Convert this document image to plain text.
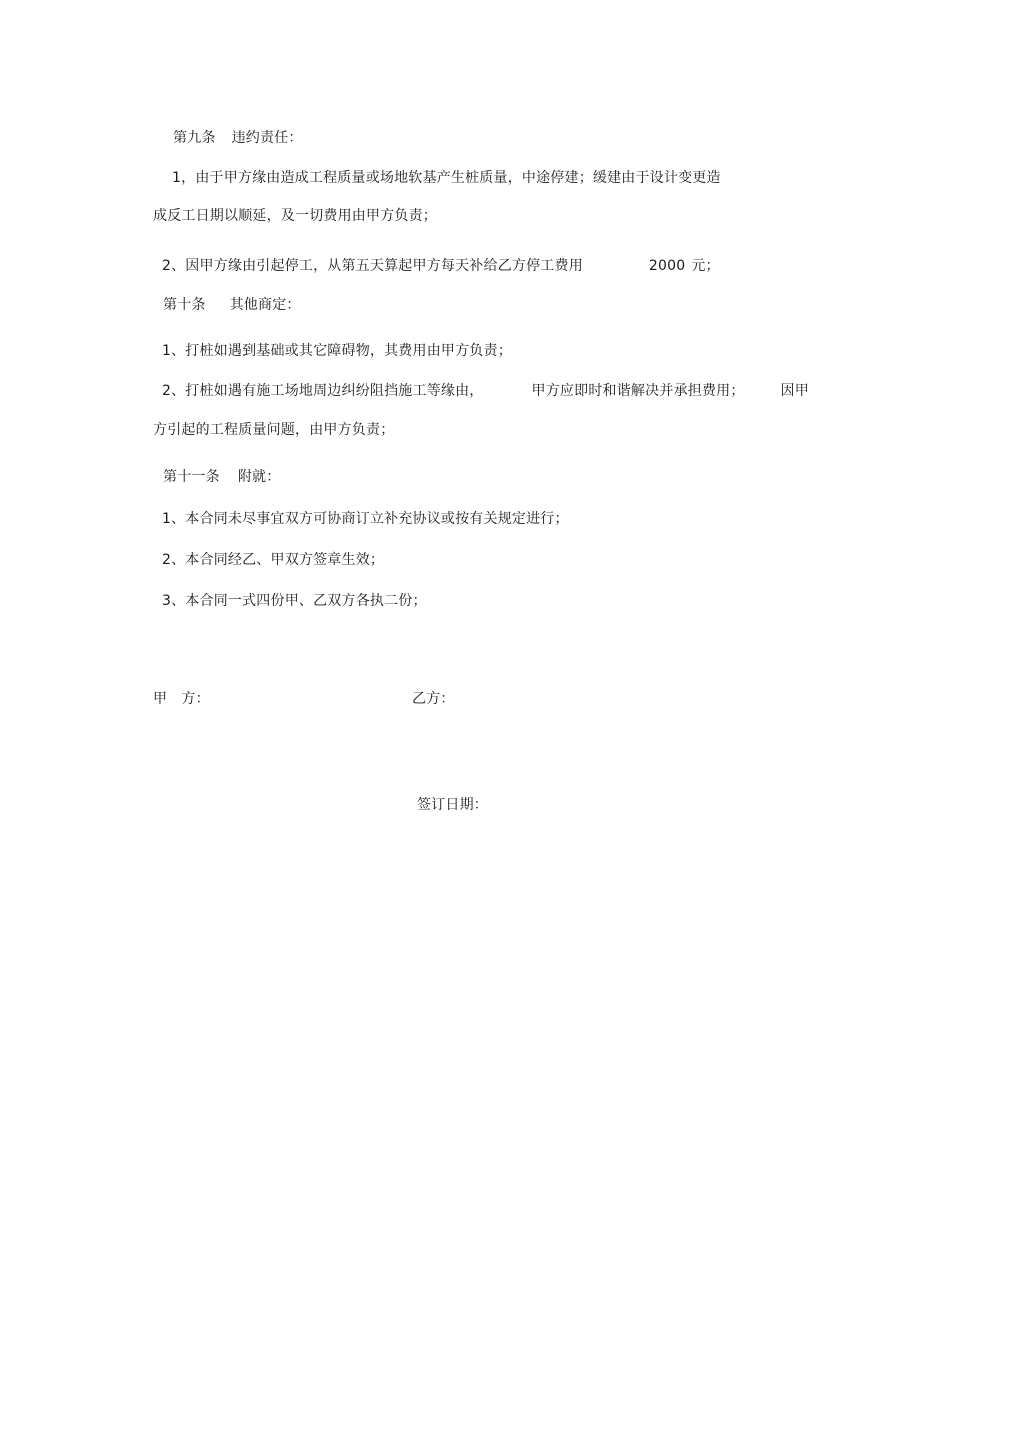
第九条 违约责任：
1，由于甲方缘由造成工程质量或场地软基产生桩质量，中途停建；缓建由于设计变更造
成反工日期以顺延，及一切费用由甲方负责；
2、因甲方缘由引起停工，从第五天算起甲方每天补给乙方停工费用	2000 元；
第十条 其他商定：
1、打桩如遇到基础或其它障碍物，其费用由甲方负责；
2、打桩如遇有施工场地周边纠纷阻挡施工等缘由，	甲方应即时和谐解决并承担费用；	因甲
方引起的工程质量问题，由甲方负责；
第十一条 附就：
1、本合同未尽事宜双方可协商订立补充协议或按有关规定进行；
2、本合同经乙、甲双方签章生效；
3、本合同一式四份甲、乙双方各执二份；
甲　方：	乙方：
签订日期：
